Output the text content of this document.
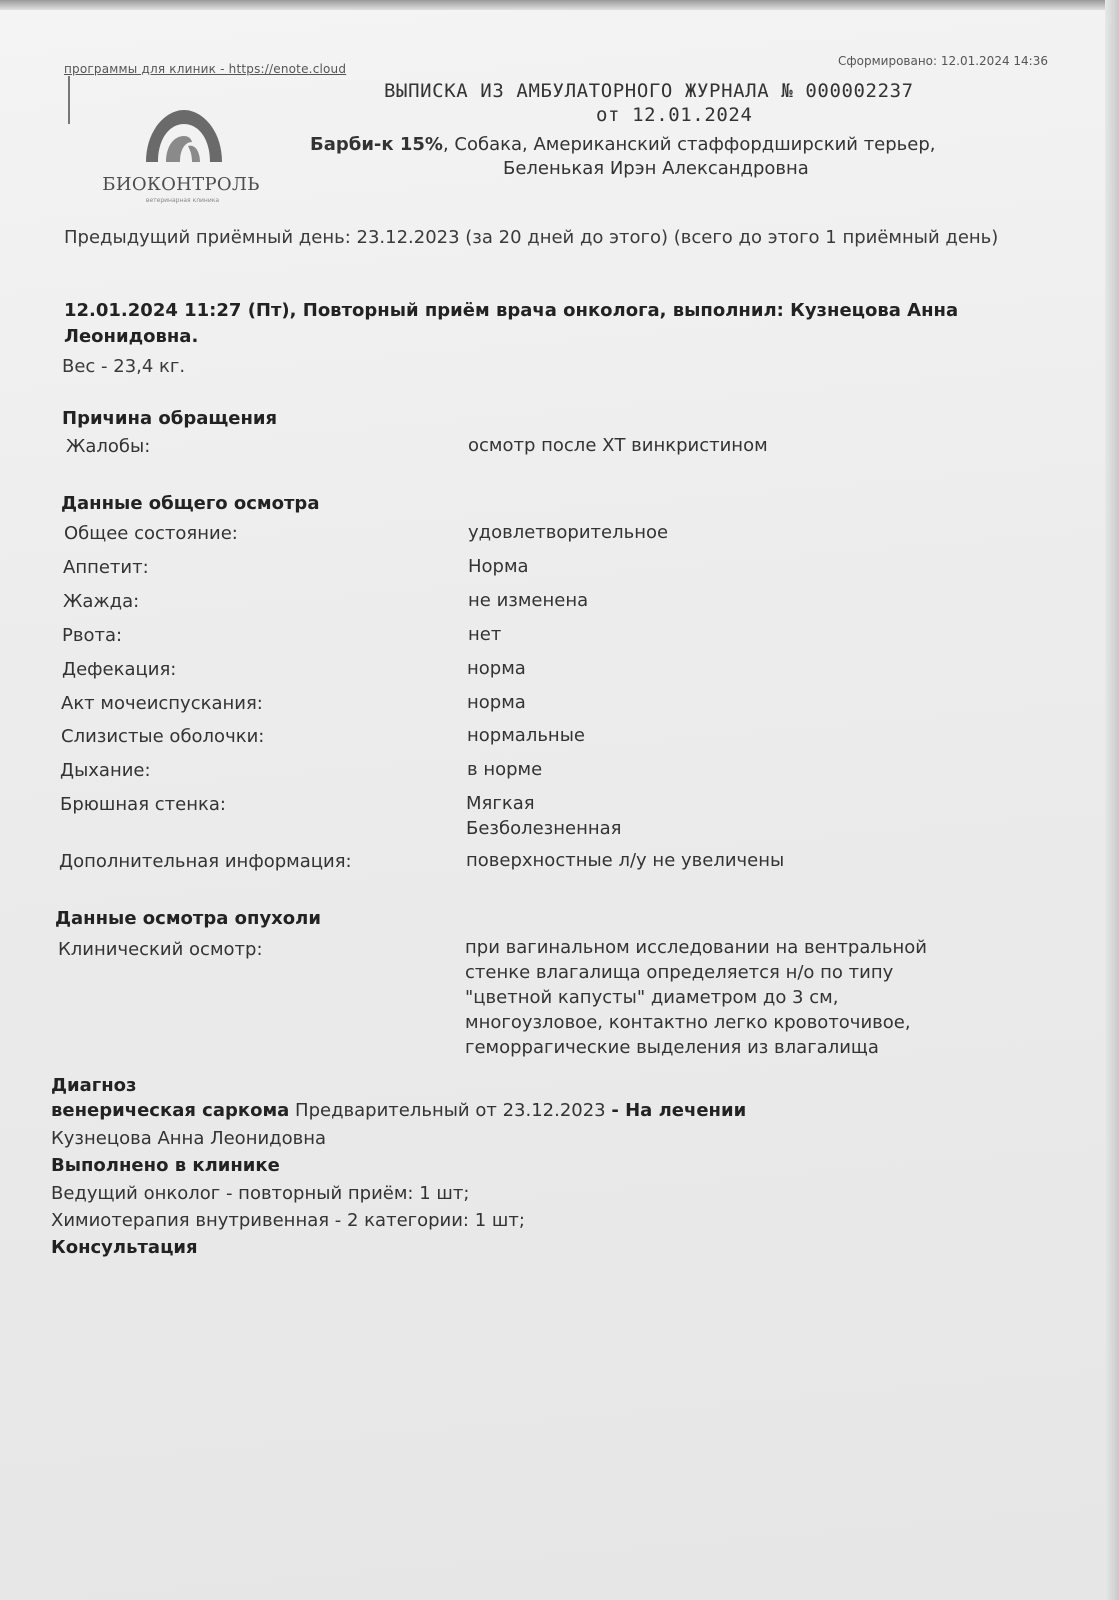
программы для клиник - https://enote.cloud
Сформировано: 12.01.2024 14:36
БИОКОНТРОЛЬ
ветеринарная клиника
ВЫПИСКА ИЗ АМБУЛАТОРНОГО ЖУРНАЛА № 000002237
от 12.01.2024
Барби-к 15%, Собака, Американский стаффордширский терьер,
Беленькая Ирэн Александровна
Предыдущий приёмный день: 23.12.2023 (за 20 дней до этого) (всего до этого 1 приёмный день)
12.01.2024 11:27 (Пт), Повторный приём врача онколога, выполнил: Кузнецова Анна Леонидовна.
Вес - 23,4 кг.
Причина обращения
Жалобы:	осмотр после ХТ винкристином
Данные общего осмотра
Общее состояние:	удовлетворительное
Аппетит:	Норма
Жажда:	не изменена
Рвота:	нет
Дефекация:	норма
Акт мочеиспускания:	норма
Слизистые оболочки:	нормальные
Дыхание:	в норме
Брюшная стенка:	Мягкая
Безболезненная
Дополнительная информация:	поверхностные л/у не увеличены
Данные осмотра опухоли
Клинический осмотр:	при вагинальном исследовании на вентральной
стенке влагалища определяется н/о по типу
"цветной капусты" диаметром до 3 см,
многоузловое, контактно легко кровоточивое,
геморрагические выделения из влагалища
Диагноз
венерическая саркома Предварительный от 23.12.2023 - На лечении
Кузнецова Анна Леонидовна
Выполнено в клинике
Ведущий онколог - повторный приём: 1 шт;
Химиотерапия внутривенная - 2 категории: 1 шт;
Консультация
